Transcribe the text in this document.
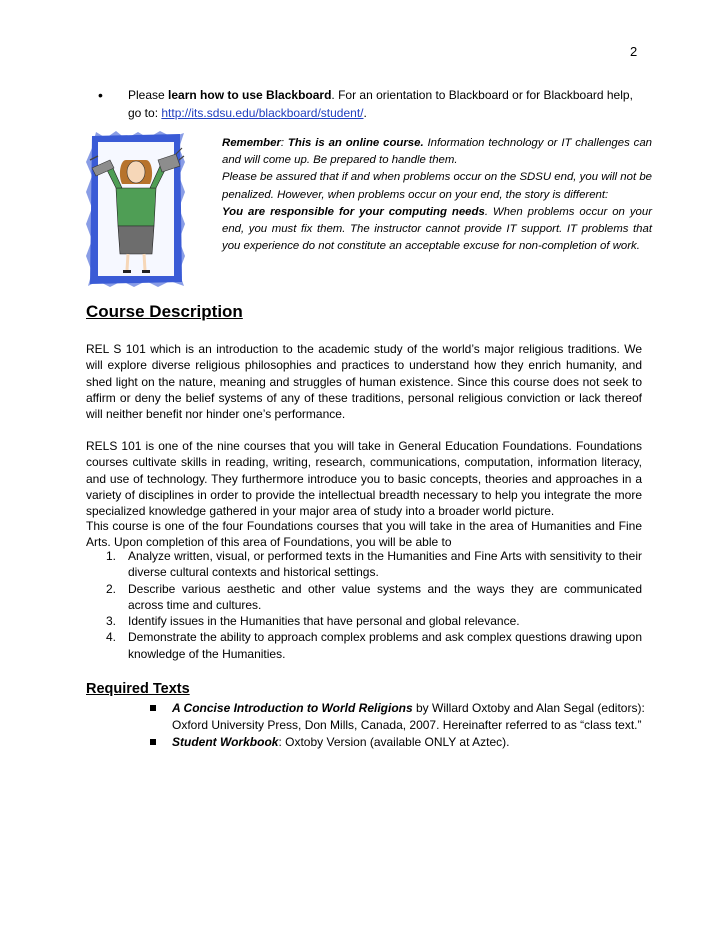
2
• Please learn how to use Blackboard. For an orientation to Blackboard or for Blackboard help, go to: http://its.sdsu.edu/blackboard/student/.
Remember: This is an online course. Information technology or IT challenges can and will come up. Be prepared to handle them.
Please be assured that if and when problems occur on the SDSU end, you will not be penalized. However, when problems occur on your end, the story is different:
You are responsible for your computing needs. When problems occur on your end, you must fix them. The instructor cannot provide IT support. IT problems that you experience do not constitute an acceptable excuse for non-completion of work.
Course Description
REL S 101 which is an introduction to the academic study of the world’s major religious traditions. We will explore diverse religious philosophies and practices to understand how they enrich humanity, and shed light on the nature, meaning and struggles of human existence. Since this course does not seek to affirm or deny the belief systems of any of these traditions, personal religious conviction or lack thereof will neither benefit nor hinder one’s performance.
RELS 101 is one of the nine courses that you will take in General Education Foundations. Foundations courses cultivate skills in reading, writing, research, communications, computation, information literacy, and use of technology. They furthermore introduce you to basic concepts, theories and approaches in a variety of disciplines in order to provide the intellectual breadth necessary to help you integrate the more specialized knowledge gathered in your major area of study into a broader world picture.
This course is one of the four Foundations courses that you will take in the area of Humanities and Fine Arts. Upon completion of this area of Foundations, you will be able to
1. Analyze written, visual, or performed texts in the Humanities and Fine Arts with sensitivity to their diverse cultural contexts and historical settings.
2. Describe various aesthetic and other value systems and the ways they are communicated across time and cultures.
3. Identify issues in the Humanities that have personal and global relevance.
4. Demonstrate the ability to approach complex problems and ask complex questions drawing upon knowledge of the Humanities.
Required Texts
A Concise Introduction to World Religions by Willard Oxtoby and Alan Segal (editors): Oxford University Press, Don Mills, Canada, 2007. Hereinafter referred to as “class text.”
Student Workbook: Oxtoby Version (available ONLY at Aztec).
